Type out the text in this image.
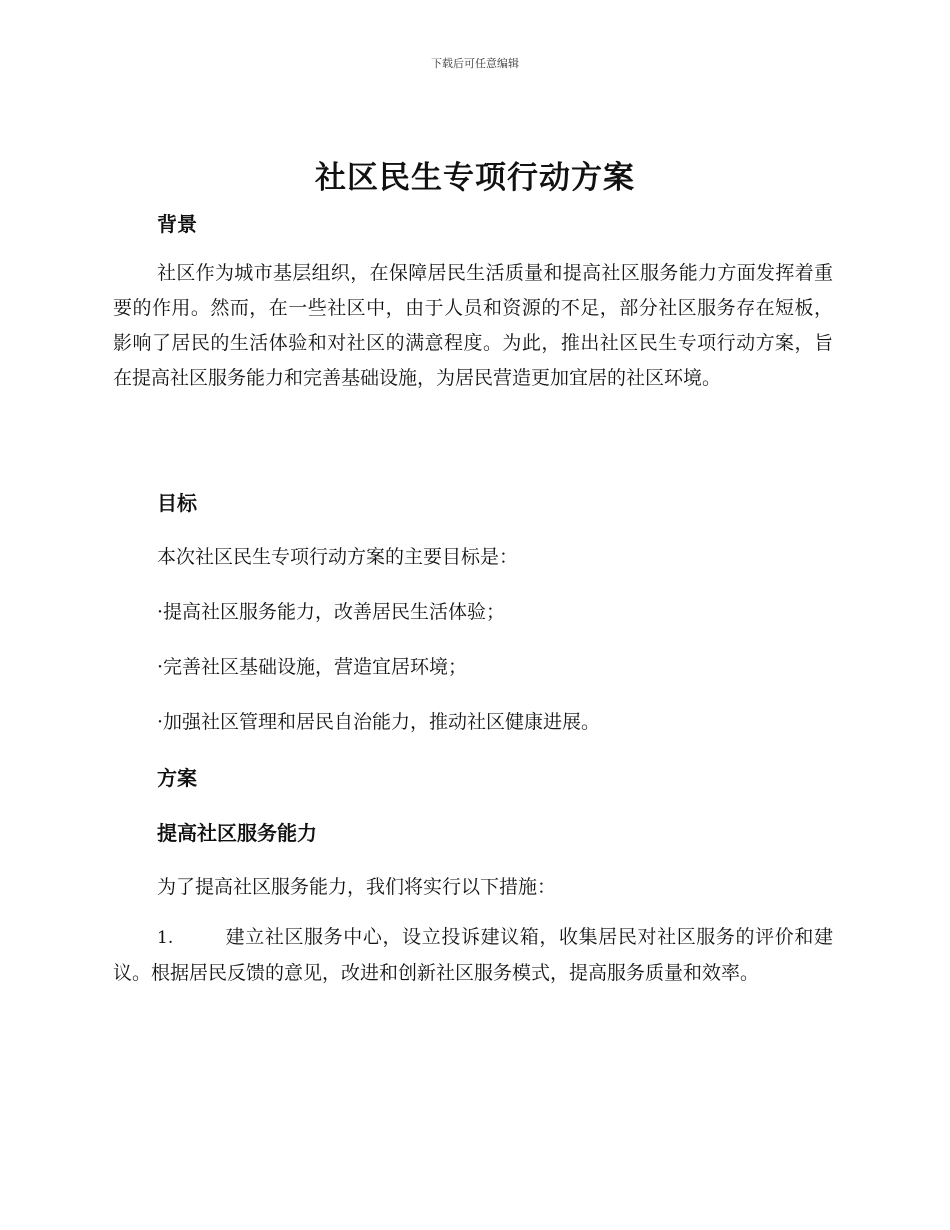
下载后可任意编辑
社区民生专项行动方案
背景

社区作为城市基层组织，在保障居民生活质量和提高社区服务能力方面发挥着重要的作用。然而，在一些社区中，由于人员和资源的不足，部分社区服务存在短板，影响了居民的生活体验和对社区的满意程度。为此，推出社区民生专项行动方案，旨在提高社区服务能力和完善基础设施，为居民营造更加宜居的社区环境。

目标
本次社区民生专项行动方案的主要目标是：
·提高社区服务能力，改善居民生活体验；
·完善社区基础设施，营造宜居环境；
·加强社区管理和居民自治能力，推动社区健康进展。
方案
提高社区服务能力
为了提高社区服务能力，我们将实行以下措施：

1.	建立社区服务中心，设立投诉建议箱，收集居民对社区服务的评价和建议。根据居民反馈的意见，改进和创新社区服务模式，提高服务质量和效率。
